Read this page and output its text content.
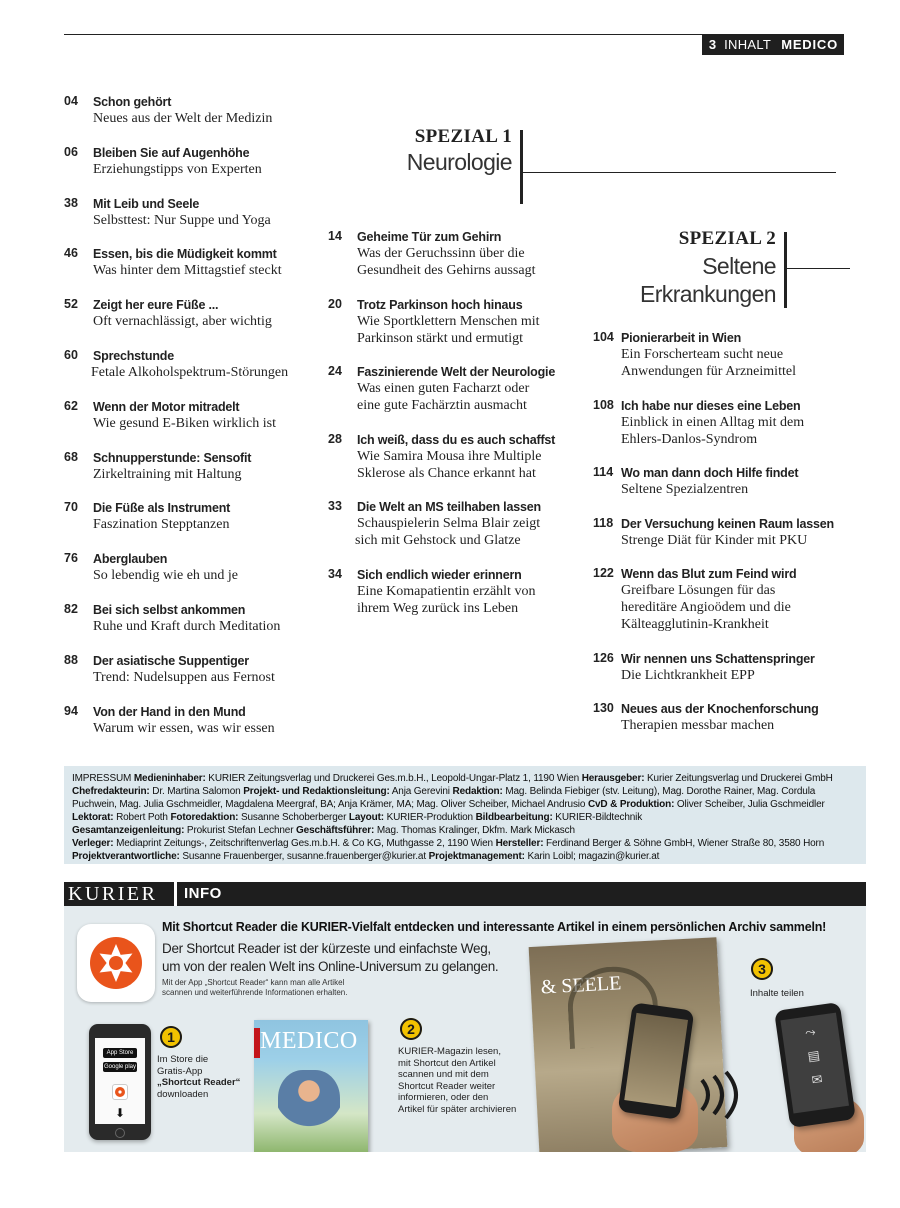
3 INHALT MEDICO
SPEZIAL 1
Neurologie
SPEZIAL 2
Seltene
Erkrankungen
04 Schon gehört
Neues aus der Welt der Medizin
06 Bleiben Sie auf Augenhöhe
Erziehungstipps von Experten
38 Mit Leib und Seele
Selbsttest: Nur Suppe und Yoga
46 Essen, bis die Müdigkeit kommt
Was hinter dem Mittagstief steckt
52 Zeigt her eure Füße ...
Oft vernachlässigt, aber wichtig
60 Sprechstunde
Fetale Alkoholspektrum-Störungen
62 Wenn der Motor mitradelt
Wie gesund E-Biken wirklich ist
68 Schnupperstunde: Sensofit
Zirkeltraining mit Haltung
70 Die Füße als Instrument
Faszination Stepptanzen
76 Aberglauben
So lebendig wie eh und je
82 Bei sich selbst ankommen
Ruhe und Kraft durch Meditation
88 Der asiatische Suppentiger
Trend: Nudelsuppen aus Fernost
94 Von der Hand in den Mund
Warum wir essen, was wir essen
14 Geheime Tür zum Gehirn
Was der Geruchssinn über die
Gesundheit des Gehirns aussagt
20 Trotz Parkinson hoch hinaus
Wie Sportklettern Menschen mit
Parkinson stärkt und ermutigt
24 Faszinierende Welt der Neurologie
Was einen guten Facharzt oder
eine gute Fachärztin ausmacht
28 Ich weiß, dass du es auch schaffst
Wie Samira Mousa ihre Multiple
Sklerose als Chance erkannt hat
33 Die Welt an MS teilhaben lassen
Schauspielerin Selma Blair zeigt
sich mit Gehstock und Glatze
34 Sich endlich wieder erinnern
Eine Komapatientin erzählt von
ihrem Weg zurück ins Leben
104 Pionierarbeit in Wien
Ein Forscherteam sucht neue
Anwendungen für Arzneimittel
108 Ich habe nur dieses eine Leben
Einblick in einen Alltag mit dem
Ehlers-Danlos-Syndrom
114 Wo man dann doch Hilfe findet
Seltene Spezialzentren
118 Der Versuchung keinen Raum lassen
Strenge Diät für Kinder mit PKU
122 Wenn das Blut zum Feind wird
Greifbare Lösungen für das
hereditäre Angioödem und die
Kälteagglutinin-Krankheit
126 Wir nennen uns Schattenspringer
Die Lichtkrankheit EPP
130 Neues aus der Knochenforschung
Therapien messbar machen
IMPRESSUM Medieninhaber: KURIER Zeitungsverlag und Druckerei Ges.m.b.H., Leopold-Ungar-Platz 1, 1190 Wien Herausgeber: Kurier Zeitungsverlag und Druckerei GmbH
Chefredakteurin: Dr. Martina Salomon Projekt- und Redaktionsleitung: Anja Gerevini Redaktion: Mag. Belinda Fiebiger (stv. Leitung), Mag. Dorothe Rainer, Mag. Cordula
Puchwein, Mag. Julia Gschmeidler, Magdalena Meergraf, BA; Anja Krämer, MA; Mag. Oliver Scheiber, Michael Andrusio CvD & Produktion: Oliver Scheiber, Julia Gschmeidler
Lektorat: Robert Poth Fotoredaktion: Susanne Schoberberger Layout: KURIER-Produktion Bildbearbeitung: KURIER-Bildtechnik
Gesamtanzeigenleitung: Prokurist Stefan Lechner Geschäftsführer: Mag. Thomas Kralinger, Dkfm. Mark Mickasch
Verleger: Mediaprint Zeitungs-, Zeitschriftenverlag Ges.m.b.H. & Co KG, Muthgasse 2, 1190 Wien Hersteller: Ferdinand Berger & Söhne GmbH, Wiener Straße 80, 3580 Horn
Projektverantwortliche: Susanne Frauenberger, susanne.frauenberger@kurier.at Projektmanagement: Karin Loibl; magazin@kurier.at
KURIER INFO
Mit Shortcut Reader die KURIER-Vielfalt entdecken und interessante Artikel in einem persönlichen Archiv sammeln!
Der Shortcut Reader ist der kürzeste und einfachste Weg,
um von der realen Welt ins Online-Universum zu gelangen.
Mit der App „Shortcut Reader“ kann man alle Artikel
scannen und weiterführende Informationen erhalten.
App Store
Google play
⬇
1
Im Store die
Gratis-App
„Shortcut Reader“
downloaden
MEDICO	2
KURIER-Magazin lesen,
mit Shortcut den Artikel
scannen und mit dem
Shortcut Reader weiter
informieren, oder den
Artikel für später archivieren
& SEELE
3
Inhalte teilen
⤳
▤
✉
